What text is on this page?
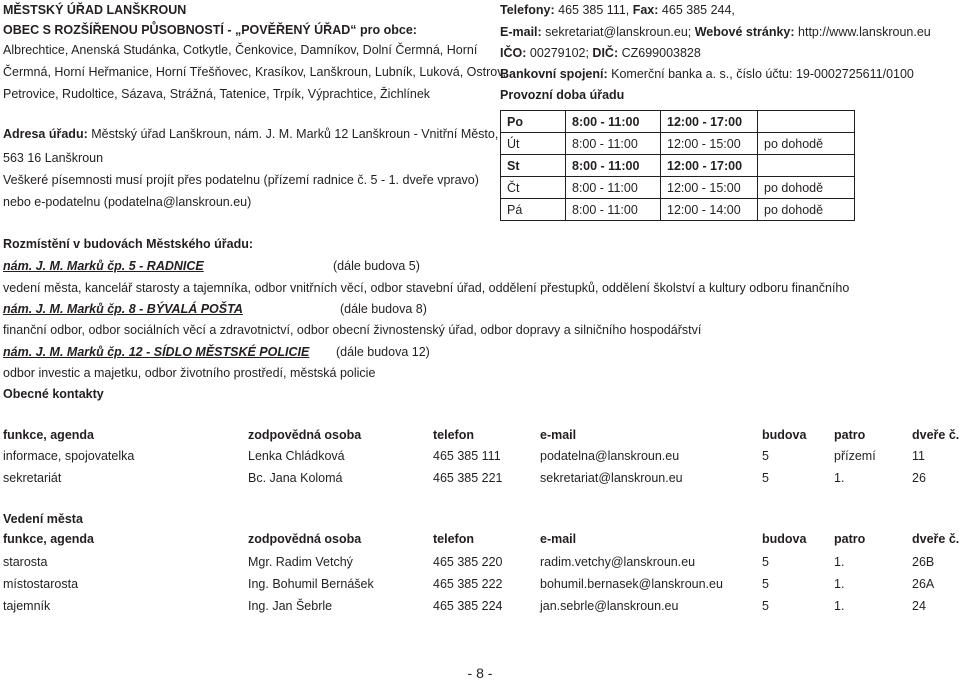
MĚSTSKÝ ÚŘAD LANŠKROUN
OBEC S ROZŠÍŘENOU PŮSOBNOSTÍ - „POVĚŘENÝ ÚŘAD“ pro obce:
Albrechtice, Anenská Studánka, Cotkytle, Čenkovice, Damníkov, Dolní Čermná, Horní
Čermná, Horní Heřmanice, Horní Třešňovec, Krasíkov, Lanškroun, Lubník, Luková, Ostrov,
Petrovice, Rudoltice, Sázava, Strážná, Tatenice, Trpík, Výprachtice, Žichlínek
Adresa úřadu: Městský úřad Lanškroun, nám. J. M. Marků 12 Lanškroun - Vnitřní Město,
563 16 Lanškroun
Veškeré písemnosti musí projít přes podatelnu (přízemí radnice č. 5 - 1. dveře vpravo)
nebo e-podatelnu (podatelna@lanskroun.eu)
Telefony: 465 385 111, Fax: 465 385 244,
E-mail: sekretariat@lanskroun.eu; Webové stránky: http://www.lanskroun.eu
IČO: 00279102; DIČ: CZ699003828
Bankovní spojení: Komerční banka a. s., číslo účtu: 19-0002725611/0100
Provozní doba úřadu
Po	8:00 - 11:00	12:00 - 17:00	
Út	8:00 - 11:00	12:00 - 15:00	po dohodě
St	8:00 - 11:00	12:00 - 17:00	
Čt	8:00 - 11:00	12:00 - 15:00	po dohodě
Pá	8:00 - 11:00	12:00 - 14:00	po dohodě
Rozmístění v budovách Městského úřadu:
nám. J. M. Marků čp. 5 - RADNICE	(dále budova 5)
vedení města, kancelář starosty a tajemníka, odbor vnitřních věcí, odbor stavební úřad, oddělení přestupků, oddělení školství a kultury odboru finančního
nám. J. M. Marků čp. 8 - BÝVALÁ POŠTA	(dále budova 8)
finanční odbor, odbor sociálních věcí a zdravotnictví, odbor obecní živnostenský úřad, odbor dopravy a silničního hospodářství
nám. J. M. Marků čp. 12 - SÍDLO MĚSTSKÉ POLICIE (dále budova 12)
odbor investic a majetku, odbor životního prostředí, městská policie
Obecné kontakty
funkce, agenda	zodpovědná osoba	telefon	e-mail	budova patro	dveře č.
informace, spojovatelka	Lenka Chládková	465 385 111	podatelna@lanskroun.eu	5	přízemí	11
sekretariát	Bc. Jana Kolomá	465 385 221	sekretariat@lanskroun.eu	5	1.	26
Vedení města
funkce, agenda	zodpovědná osoba	telefon	e-mail	budova patro	dveře č.
starosta	Mgr. Radim Vetchý	465 385 220	radim.vetchy@lanskroun.eu	5	1.	26B
místostarosta	Ing. Bohumil Bernášek	465 385 222	bohumil.bernasek@lanskroun.eu	5	1.	26A
tajemník	Ing. Jan Šebrle	465 385 224	jan.sebrle@lanskroun.eu	5	1.	24
- 8 -
